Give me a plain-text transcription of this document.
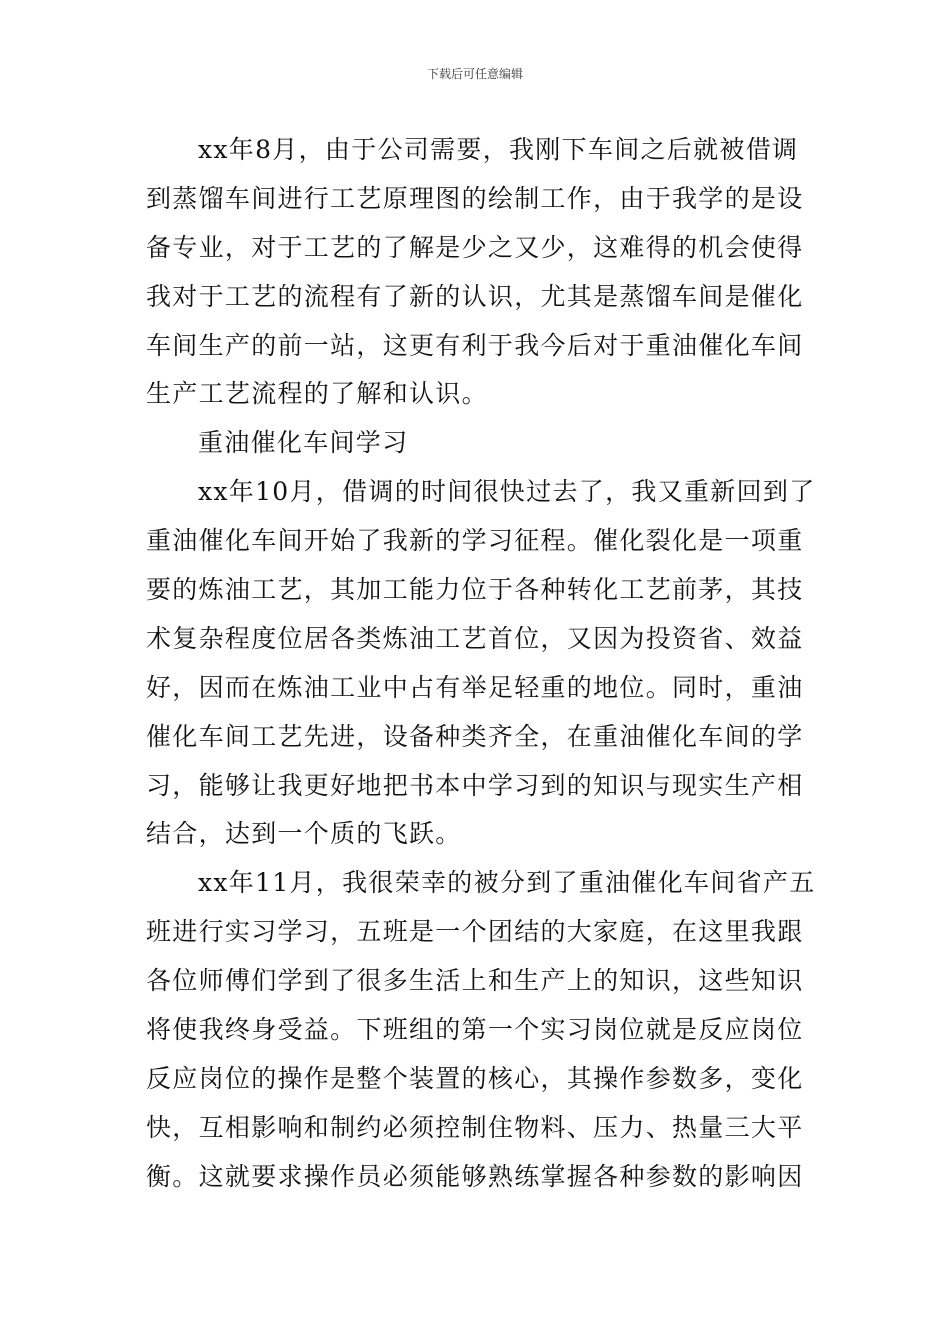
下载后可任意编辑
xx年8月，由于公司需要，我刚下车间之后就被借调
到蒸馏车间进行工艺原理图的绘制工作，由于我学的是设
备专业，对于工艺的了解是少之又少，这难得的机会使得
我对于工艺的流程有了新的认识，尤其是蒸馏车间是催化
车间生产的前一站，这更有利于我今后对于重油催化车间
生产工艺流程的了解和认识。
重油催化车间学习
xx年10月，借调的时间很快过去了，我又重新回到了
重油催化车间开始了我新的学习征程。催化裂化是一项重
要的炼油工艺，其加工能力位于各种转化工艺前茅，其技
术复杂程度位居各类炼油工艺首位，又因为投资省、效益
好，因而在炼油工业中占有举足轻重的地位。同时，重油
催化车间工艺先进，设备种类齐全，在重油催化车间的学
习，能够让我更好地把书本中学习到的知识与现实生产相
结合，达到一个质的飞跃。
xx年11月，我很荣幸的被分到了重油催化车间省产五
班进行实习学习，五班是一个团结的大家庭，在这里我跟
各位师傅们学到了很多生活上和生产上的知识，这些知识
将使我终身受益。下班组的第一个实习岗位就是反应岗位
反应岗位的操作是整个装置的核心，其操作参数多，变化
快，互相影响和制约必须控制住物料、压力、热量三大平
衡。这就要求操作员必须能够熟练掌握各种参数的影响因
